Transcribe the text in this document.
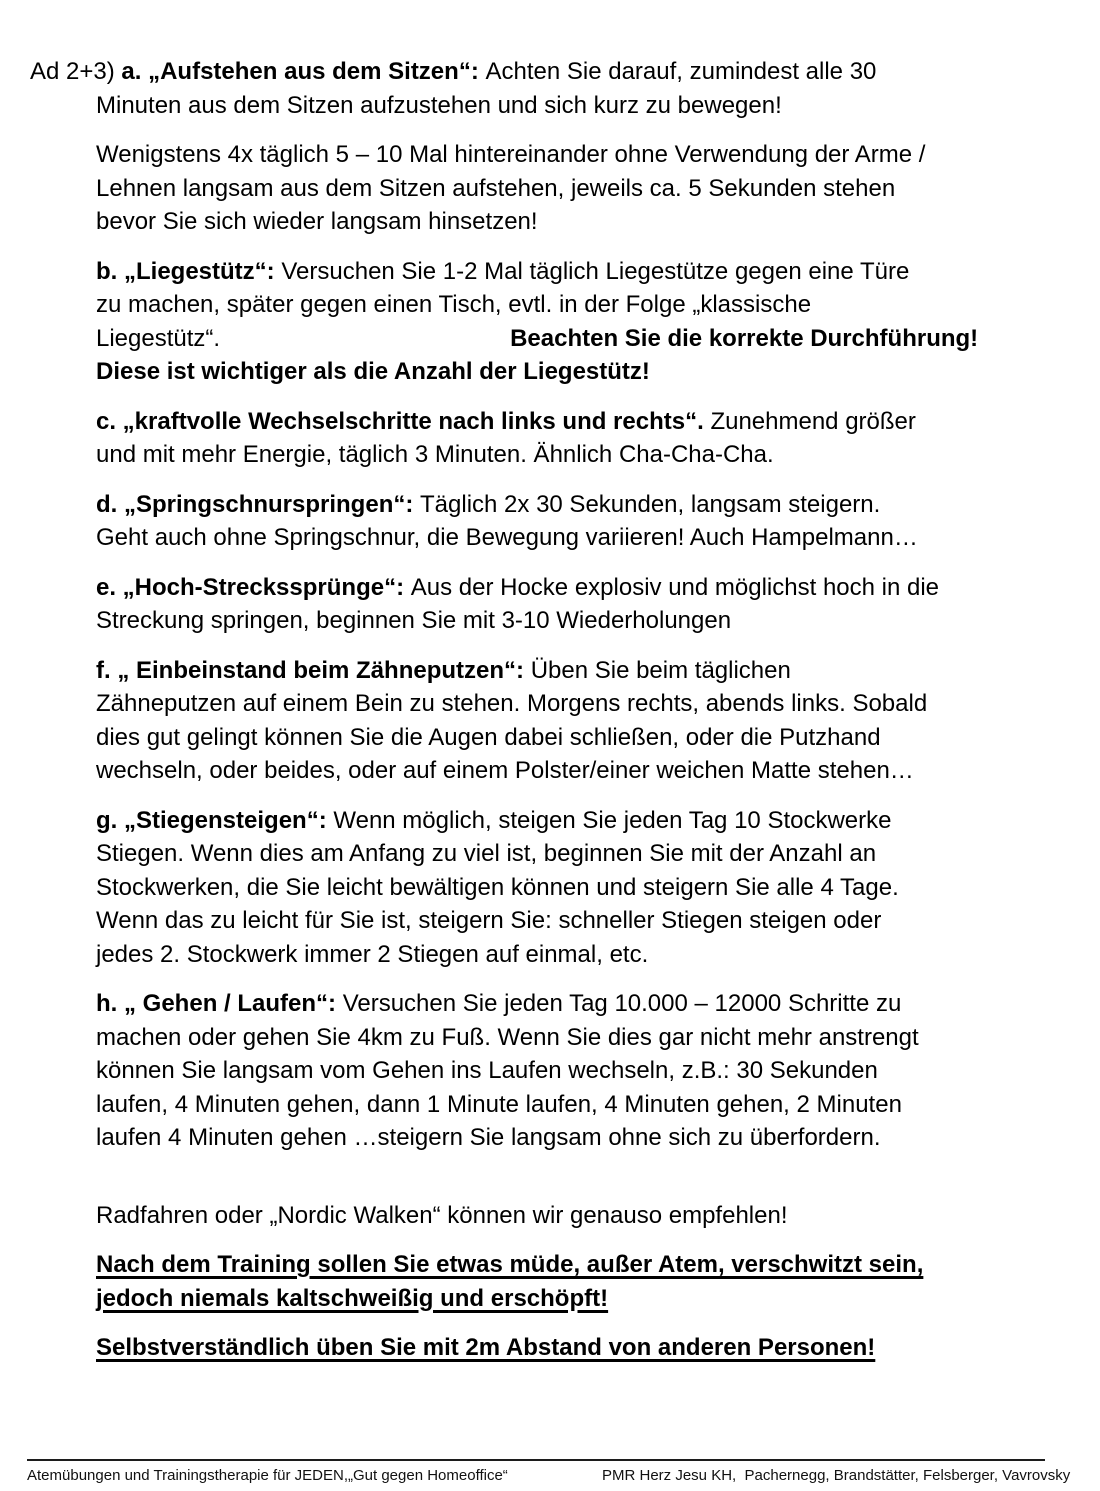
Ad 2+3) a. „Aufstehen aus dem Sitzen“: Achten Sie darauf, zumindest alle 30
Minuten aus dem Sitzen aufzustehen und sich kurz zu bewegen!

Wenigstens 4x täglich 5 – 10 Mal hintereinander ohne Verwendung der Arme /
Lehnen langsam aus dem Sitzen aufstehen, jeweils ca. 5 Sekunden stehen
bevor Sie sich wieder langsam hinsetzen!

b. „Liegestütz“: Versuchen Sie 1-2 Mal täglich Liegestütze gegen eine Türe
zu machen, später gegen einen Tisch, evtl. in der Folge „klassische
Liegestütz“.	Beachten Sie die korrekte Durchführung!
Diese ist wichtiger als die Anzahl der Liegestütz!

c. „kraftvolle Wechselschritte nach links und rechts“. Zunehmend größer
und mit mehr Energie, täglich 3 Minuten. Ähnlich Cha-Cha-Cha.

d. „Springschnurspringen“: Täglich 2x 30 Sekunden, langsam steigern.
Geht auch ohne Springschnur, die Bewegung variieren! Auch Hampelmann…

e. „Hoch-Streckssprünge“: Aus der Hocke explosiv und möglichst hoch in die
Streckung springen, beginnen Sie mit 3-10 Wiederholungen

f. „ Einbeinstand beim Zähneputzen“: Üben Sie beim täglichen
Zähneputzen auf einem Bein zu stehen. Morgens rechts, abends links. Sobald
dies gut gelingt können Sie die Augen dabei schließen, oder die Putzhand
wechseln, oder beides, oder auf einem Polster/einer weichen Matte stehen…

g. „Stiegensteigen“: Wenn möglich, steigen Sie jeden Tag 10 Stockwerke
Stiegen. Wenn dies am Anfang zu viel ist, beginnen Sie mit der Anzahl an
Stockwerken, die Sie leicht bewältigen können und steigern Sie alle 4 Tage.
Wenn das zu leicht für Sie ist, steigern Sie: schneller Stiegen steigen oder
jedes 2. Stockwerk immer 2 Stiegen auf einmal, etc.

h. „ Gehen / Laufen“: Versuchen Sie jeden Tag 10.000 – 12000 Schritte zu
machen oder gehen Sie 4km zu Fuß. Wenn Sie dies gar nicht mehr anstrengt
können Sie langsam vom Gehen ins Laufen wechseln, z.B.: 30 Sekunden
laufen, 4 Minuten gehen, dann 1 Minute laufen, 4 Minuten gehen, 2 Minuten
laufen 4 Minuten gehen …steigern Sie langsam ohne sich zu überfordern.

Radfahren oder „Nordic Walken“ können wir genauso empfehlen!

Nach dem Training sollen Sie etwas müde, außer Atem, verschwitzt sein,
jedoch niemals kaltschweißig und erschöpft!

Selbstverständlich üben Sie mit 2m Abstand von anderen Personen!

Atemübungen und Trainingstherapie für JEDEN, „Gut gegen Homeoffice“	PMR Herz Jesu KH,  Pachernegg, Brandstätter, Felsberger, Vavrovsky
